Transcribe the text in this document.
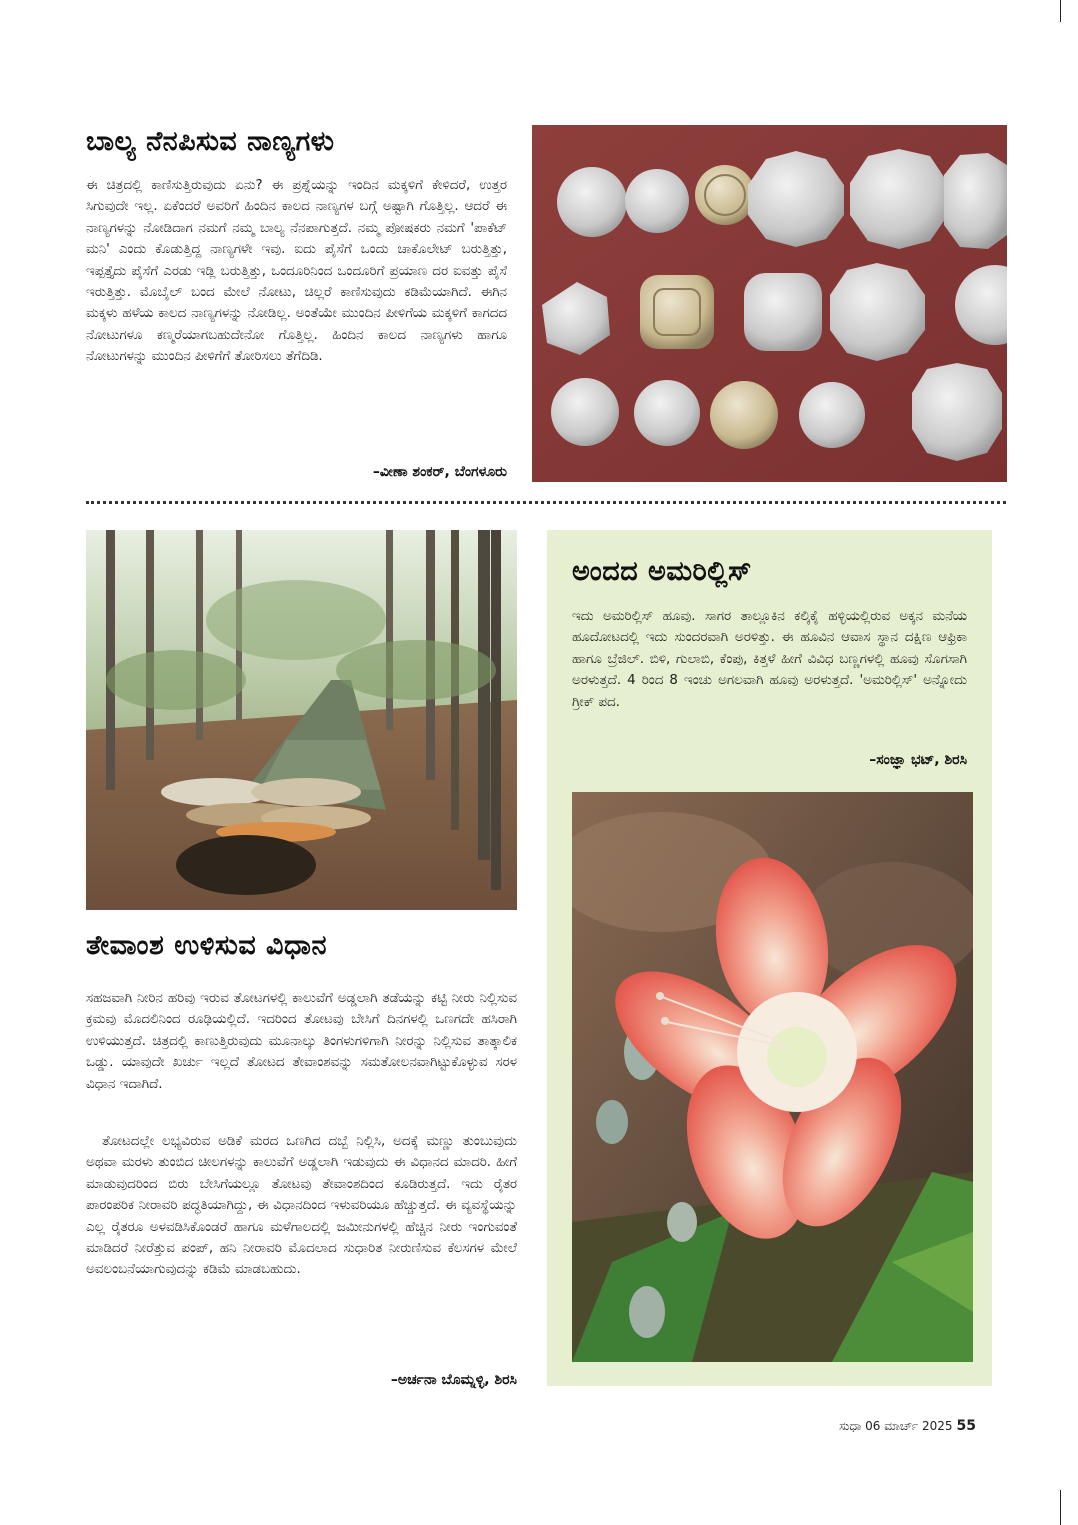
ಬಾಲ್ಯ ನೆನಪಿಸುವ ನಾಣ್ಯಗಳು

ಈ ಚಿತ್ರದಲ್ಲಿ ಕಾಣಿಸುತ್ತಿರುವುದು ಏನು? ಈ ಪ್ರಶ್ನೆಯನ್ನು ಇಂದಿನ ಮಕ್ಕಳಿಗೆ ಕೇಳಿದರೆ, ಉತ್ತರ ಸಿಗುವುದೇ ಇಲ್ಲ. ಏಕೆಂದರೆ ಅವರಿಗೆ ಹಿಂದಿನ ಕಾಲದ ನಾಣ್ಯಗಳ ಬಗ್ಗೆ ಅಷ್ಟಾಗಿ ಗೊತ್ತಿಲ್ಲ. ಆದರೆ ಈ ನಾಣ್ಯಗಳನ್ನು ನೋಡಿದಾಗ ನಮಗೆ ನಮ್ಮ ಬಾಲ್ಯ ನೆನಪಾಗುತ್ತದೆ. ನಮ್ಮ ಪೋಷಕರು ನಮಗೆ 'ಪಾಕೆಟ್ ಮನಿ' ಎಂದು ಕೊಡುತ್ತಿದ್ದ ನಾಣ್ಯಗಳೇ ಇವು. ಐದು ಪೈಸೆಗೆ ಒಂದು ಚಾಕೊಲೇಟ್ ಬರುತ್ತಿತ್ತು, ಇಪ್ಪತ್ತೈದು ಪೈಸೆಗೆ ಎರಡು ಇಡ್ಲಿ ಬರುತ್ತಿತ್ತು, ಒಂದೂರಿನಿಂದ ಒಂದೂರಿಗೆ ಪ್ರಯಾಣ ದರ ಐವತ್ತು ಪೈಸೆ ಇರುತ್ತಿತ್ತು. ಮೊಬೈಲ್ ಬಂದ ಮೇಲೆ ನೋಟು, ಚಿಲ್ಲರೆ ಕಾಣಿಸುವುದು ಕಡಿಮೆಯಾಗಿದೆ. ಈಗಿನ ಮಕ್ಕಳು ಹಳೆಯ ಕಾಲದ ನಾಣ್ಯಗಳನ್ನು ನೋಡಿಲ್ಲ. ಅಂತೆಯೇ ಮುಂದಿನ ಪೀಳಿಗೆಯ ಮಕ್ಕಳಿಗೆ ಕಾಗದದ ನೋಟುಗಳೂ ಕಣ್ಮರೆಯಾಗಬಹುದೇನೋ ಗೊತ್ತಿಲ್ಲ. ಹಿಂದಿನ ಕಾಲದ ನಾಣ್ಯಗಳು ಹಾಗೂ ನೋಟುಗಳನ್ನು ಮುಂದಿನ ಪೀಳಿಗೆಗೆ ತೋರಿಸಲು ತೆಗೆದಿಡಿ.

–ವೀಣಾ ಶಂಕರ್, ಬೆಂಗಳೂರು

ತೇವಾಂಶ ಉಳಿಸುವ ವಿಧಾನ

ಸಹಜವಾಗಿ ನೀರಿನ ಹರಿವು ಇರುವ ತೋಟಗಳಲ್ಲಿ ಕಾಲುವೆಗೆ ಅಡ್ಡಲಾಗಿ ತಡೆಯನ್ನು ಕಟ್ಟಿ ನೀರು ನಿಲ್ಲಿಸುವ ಕ್ರಮವು ಮೊದಲಿನಿಂದ ರೂಢಿಯಲ್ಲಿದೆ. ಇದರಿಂದ ತೋಟವು ಬೇಸಿಗೆ ದಿನಗಳಲ್ಲಿ ಒಣಗದೇ ಹಸಿರಾಗಿ ಉಳಿಯುತ್ತದೆ. ಚಿತ್ರದಲ್ಲಿ ಕಾಣುತ್ತಿರುವುದು ಮೂನಾಲ್ಕು ತಿಂಗಳುಗಳಿಗಾಗಿ ನೀರನ್ನು ನಿಲ್ಲಿಸುವ ತಾತ್ಕಾಲಿಕ ಒಡ್ಡು. ಯಾವುದೇ ಖರ್ಚು ಇಲ್ಲದೆ ತೋಟದ ತೇವಾಂಶವನ್ನು ಸಮತೋಲನವಾಗಿಟ್ಟುಕೊಳ್ಳುವ ಸರಳ ವಿಧಾನ ಇದಾಗಿದೆ.

ತೋಟದಲ್ಲೇ ಲಭ್ಯವಿರುವ ಅಡಿಕೆ ಮರದ ಒಣಗಿದ ದಬ್ಬೆ ನಿಲ್ಲಿಸಿ, ಅದಕ್ಕೆ ಮಣ್ಣು ತುಂಬುವುದು ಅಥವಾ ಮರಳು ತುಂಬಿದ ಚೀಲಗಳನ್ನು ಕಾಲುವೆಗೆ ಅಡ್ಡಲಾಗಿ ಇಡುವುದು ಈ ವಿಧಾನದ ಮಾದರಿ. ಹೀಗೆ ಮಾಡುವುದರಿಂದ ಬಿರು ಬೇಸಿಗೆಯಲ್ಲೂ ತೋಟವು ತೇವಾಂಶದಿಂದ ಕೂಡಿರುತ್ತದೆ. ಇದು ರೈತರ ಪಾರಂಪರಿಕ ನೀರಾವರಿ ಪದ್ಧತಿಯಾಗಿದ್ದು, ಈ ವಿಧಾನದಿಂದ ಇಳುವರಿಯೂ ಹೆಚ್ಚುತ್ತದೆ. ಈ ವ್ಯವಸ್ಥೆಯನ್ನು ಎಲ್ಲ ರೈತರೂ ಅಳವಡಿಸಿಕೊಂಡರೆ ಹಾಗೂ ಮಳೆಗಾಲದಲ್ಲಿ ಜಮೀನುಗಳಲ್ಲಿ ಹೆಚ್ಚಿನ ನೀರು ಇಂಗುವಂತೆ ಮಾಡಿದರೆ ನೀರೆತ್ತುವ ಪಂಪ್, ಹನಿ ನೀರಾವರಿ ಮೊದಲಾದ ಸುಧಾರಿತ ನೀರುಣಿಸುವ ಕೆಲಸಗಳ ಮೇಲೆ ಅವಲಂಬನೆಯಾಗುವುದನ್ನು ಕಡಿಮೆ ಮಾಡಬಹುದು.

–ಅರ್ಚನಾ ಬೊಮ್ನಳ್ಳಿ, ಶಿರಸಿ

ಅಂದದ ಅಮರಿಲ್ಲಿಸ್

ಇದು ಅಮರಿಲ್ಲಿಸ್ ಹೂವು. ಸಾಗರ ತಾಲ್ಲೂಕಿನ ಕಲ್ಕಿಕೈ ಹಳ್ಳಿಯಲ್ಲಿರುವ ಅಕ್ಕನ ಮನೆಯ ಹೂದೋಟದಲ್ಲಿ ಇದು ಸುಂದರವಾಗಿ ಅರಳಿತ್ತು. ಈ ಹೂವಿನ ಆವಾಸ ಸ್ಥಾನ ದಕ್ಷಿಣ ಆಫ್ರಿಕಾ ಹಾಗೂ ಬ್ರೆಜಿಲ್. ಬಿಳಿ, ಗುಲಾಬಿ, ಕೆಂಪು, ಕಿತ್ತಳೆ ಹೀಗೆ ವಿವಿಧ ಬಣ್ಣಗಳಲ್ಲಿ ಹೂವು ಸೊಗಸಾಗಿ ಅರಳುತ್ತದೆ. 4 ರಿಂದ 8 ಇಂಚು ಅಗಲವಾಗಿ ಹೂವು ಅರಳುತ್ತದೆ. 'ಅಮರಿಲ್ಲಿಸ್' ಅನ್ನೋದು ಗ್ರೀಕ್ ಪದ.

–ಸಂಜ್ಞಾ ಭಟ್, ಶಿರಸಿ

ಸುಧಾ 06 ಮಾರ್ಚ್ 2025 55
